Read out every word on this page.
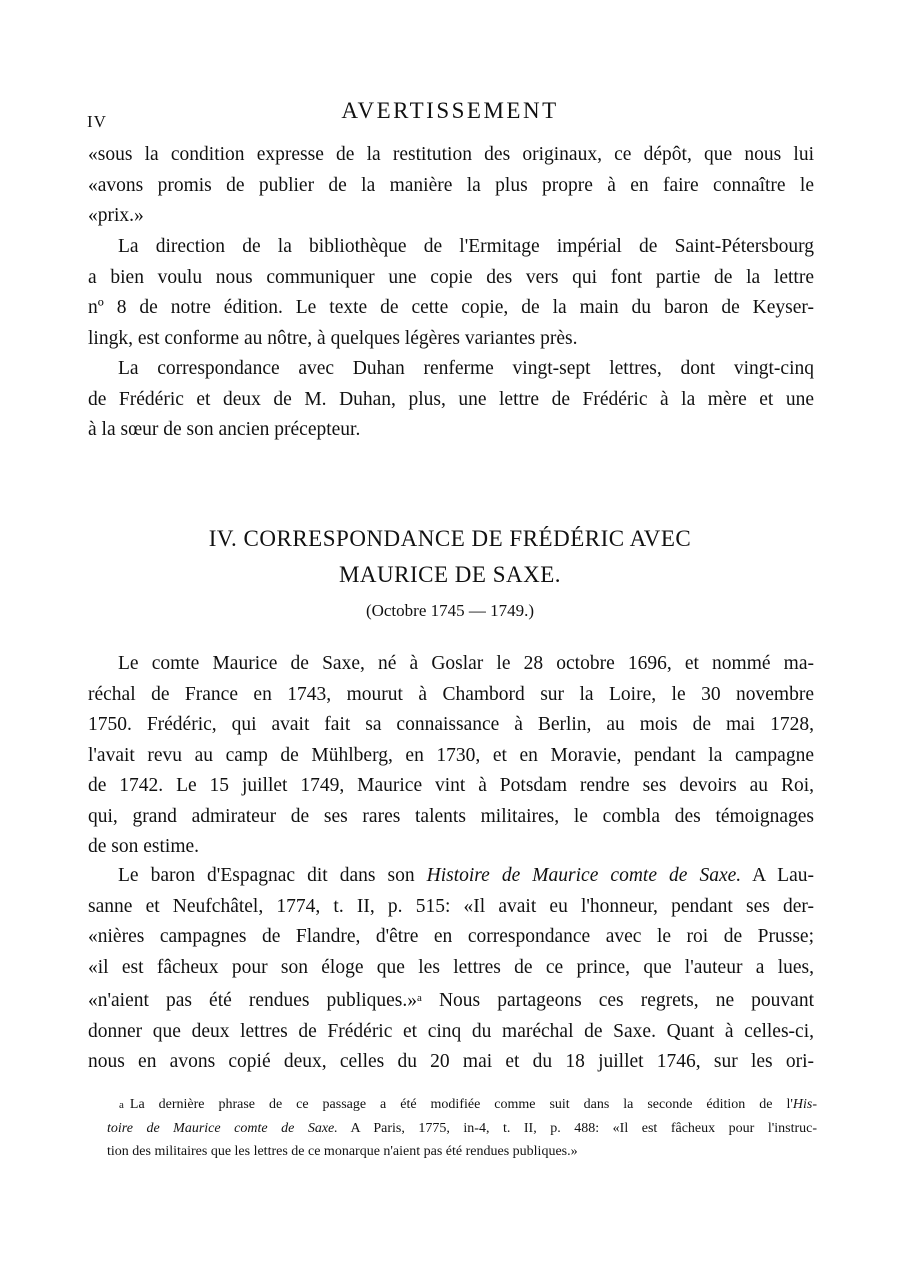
IV	AVERTISSEMENT
«sous la condition expresse de la restitution des originaux, ce dépôt, que nous lui
«avons promis de publier de la manière la plus propre à en faire connaître le
«prix.»
La direction de la bibliothèque de l'Ermitage impérial de Saint-Pétersbourg
a bien voulu nous communiquer une copie des vers qui font partie de la lettre
nº 8 de notre édition. Le texte de cette copie, de la main du baron de Keyser-
lingk, est conforme au nôtre, à quelques légères variantes près.
La correspondance avec Duhan renferme vingt-sept lettres, dont vingt-cinq
de Frédéric et deux de M. Duhan, plus, une lettre de Frédéric à la mère et une
à la sœur de son ancien précepteur.
IV. CORRESPONDANCE DE FRÉDÉRIC AVEC
MAURICE DE SAXE.
(Octobre 1745 — 1749.)
Le comte Maurice de Saxe, né à Goslar le 28 octobre 1696, et nommé ma-
réchal de France en 1743, mourut à Chambord sur la Loire, le 30 novembre
1750. Frédéric, qui avait fait sa connaissance à Berlin, au mois de mai 1728,
l'avait revu au camp de Mühlberg, en 1730, et en Moravie, pendant la campagne
de 1742. Le 15 juillet 1749, Maurice vint à Potsdam rendre ses devoirs au Roi,
qui, grand admirateur de ses rares talents militaires, le combla des témoignages
de son estime.
Le baron d'Espagnac dit dans son Histoire de Maurice comte de Saxe. A Lau-
sanne et Neufchâtel, 1774, t. II, p. 515: «Il avait eu l'honneur, pendant ses der-
«nières campagnes de Flandre, d'être en correspondance avec le roi de Prusse;
«il est fâcheux pour son éloge que les lettres de ce prince, que l'auteur a lues,
«n'aient pas été rendues publiques.»$^a$ Nous partageons ces regrets, ne pouvant
donner que deux lettres de Frédéric et cinq du maréchal de Saxe. Quant à celles-ci,
nous en avons copié deux, celles du 20 mai et du 18 juillet 1746, sur les ori-
a La dernière phrase de ce passage a été modifiée comme suit dans la seconde édition de l'His-
toire de Maurice comte de Saxe. A Paris, 1775, in-4, t. II, p. 488: «Il est fâcheux pour l'instruc-
tion des militaires que les lettres de ce monarque n'aient pas été rendues publiques.»
